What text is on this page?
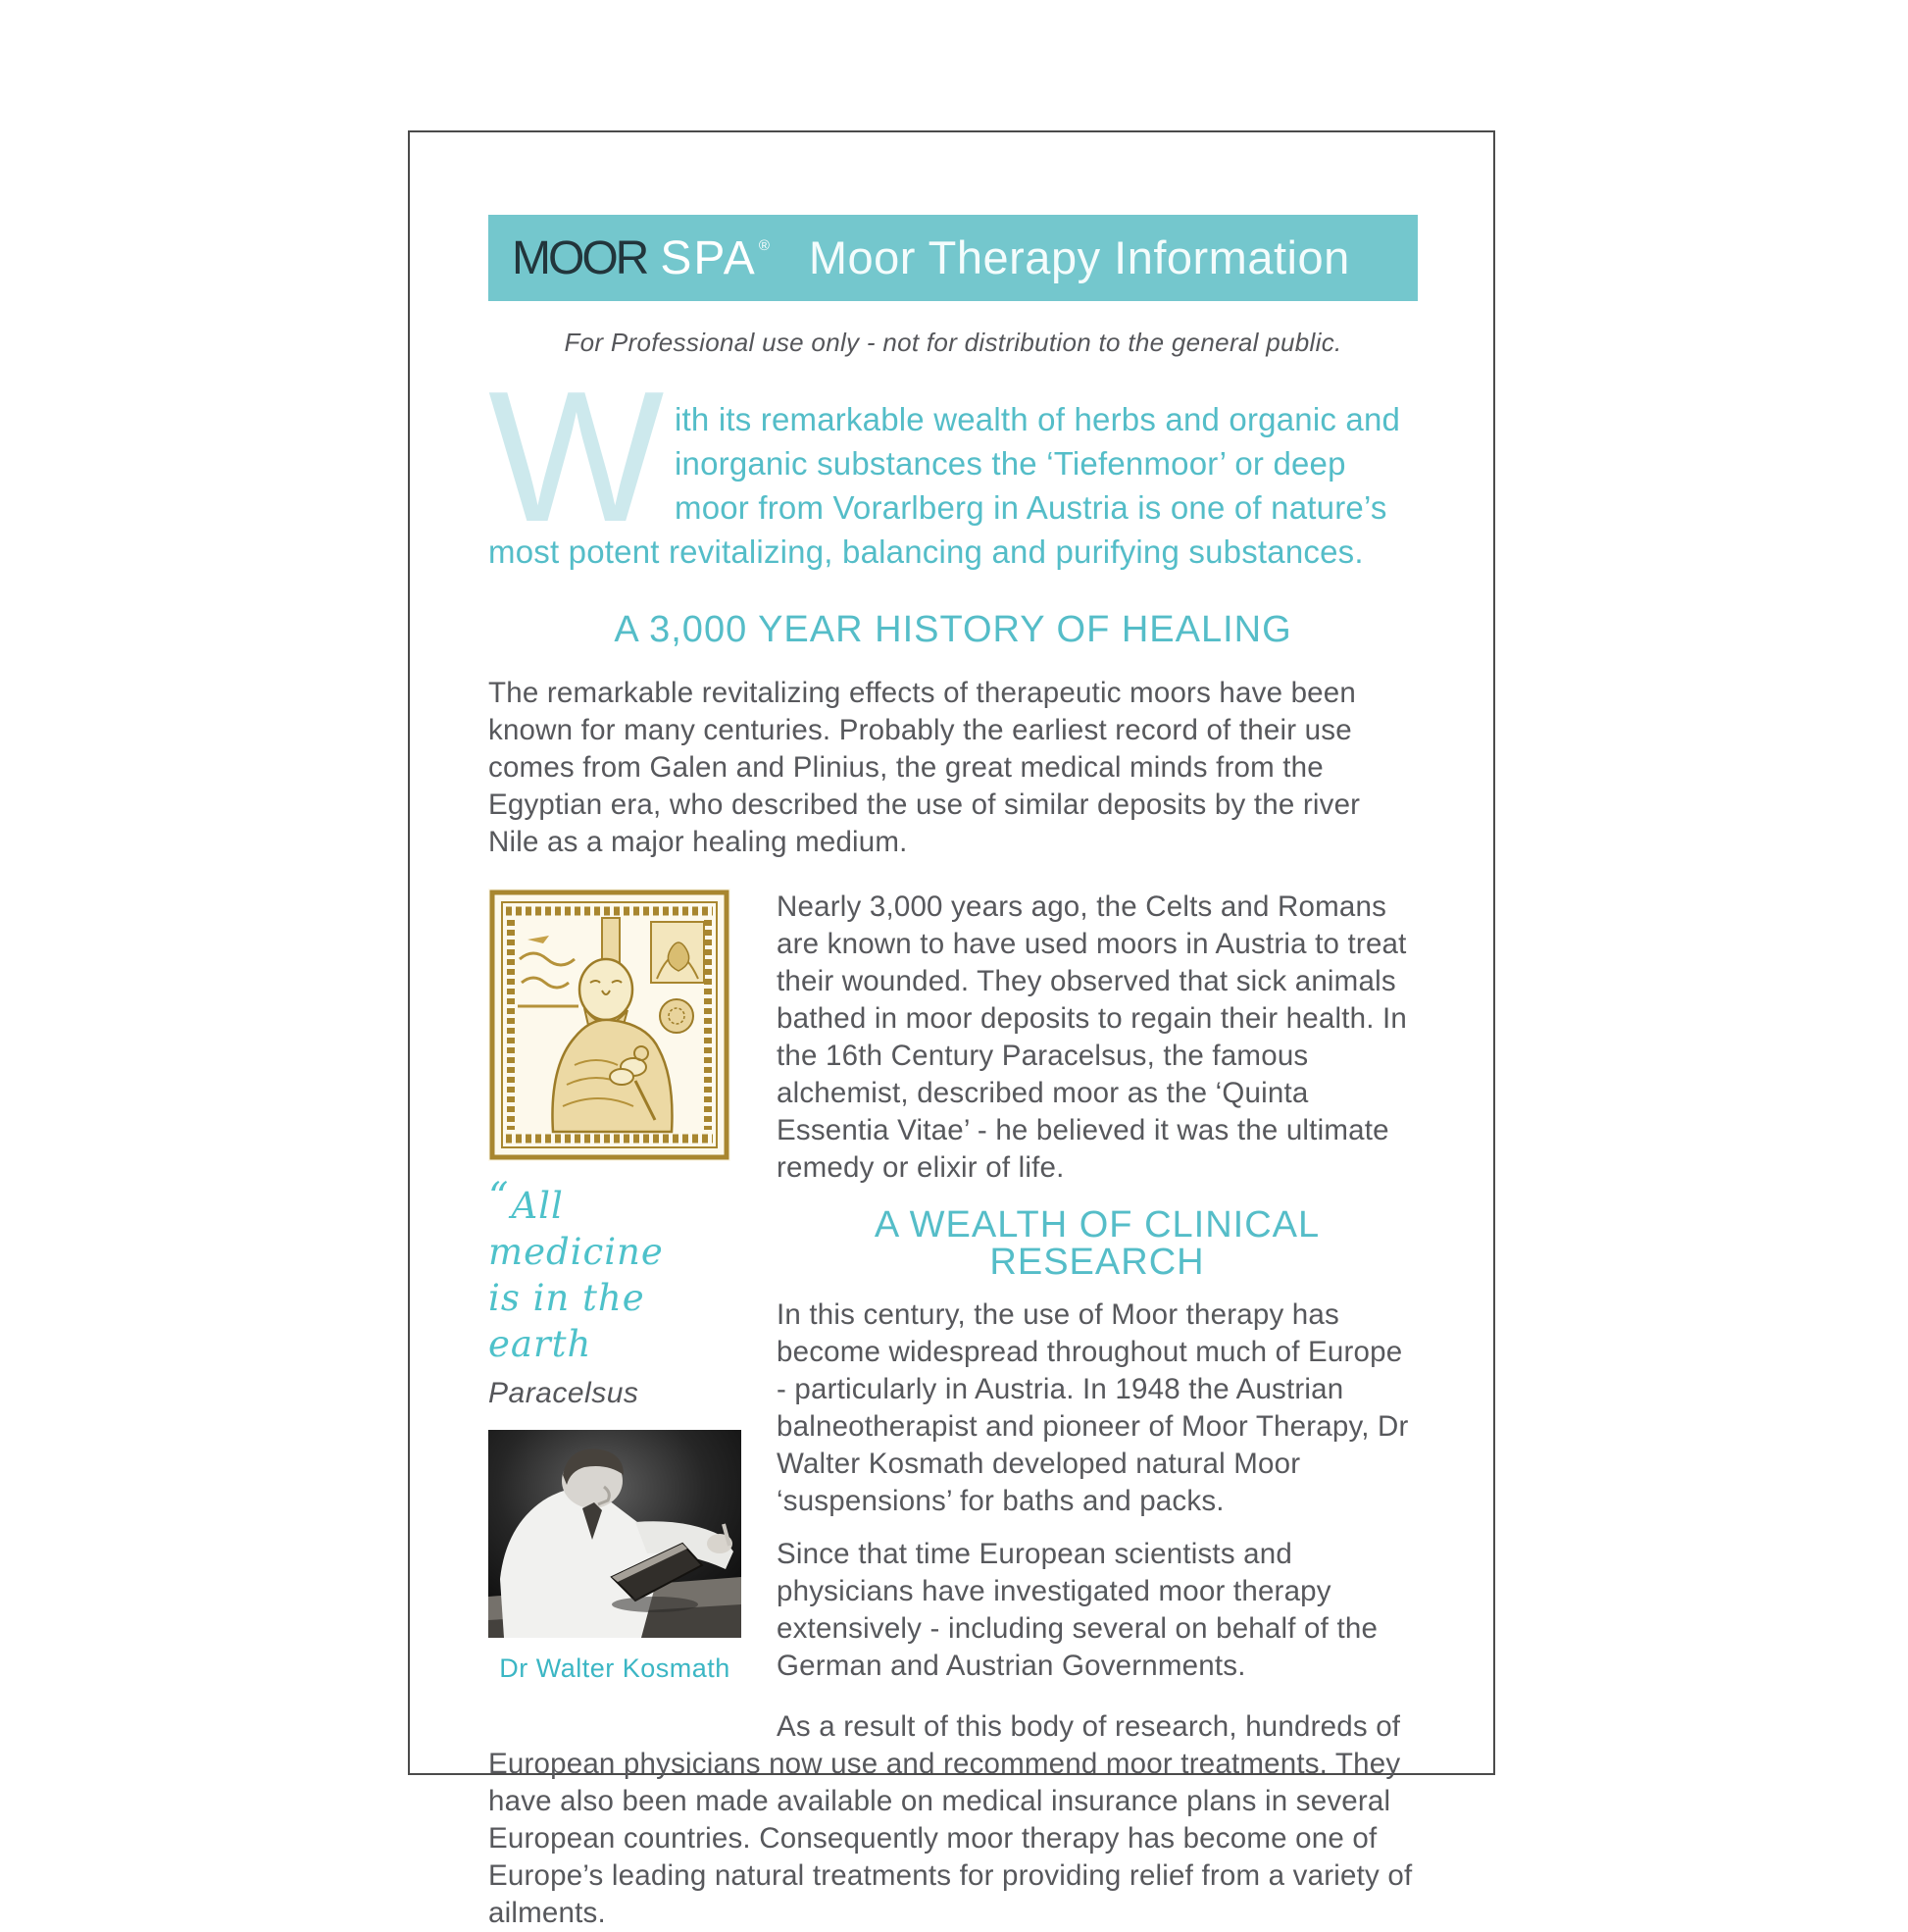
MOOR SPA ® Moor Therapy Information
For Professional use only - not for distribution to the general public.
W ith its remarkable wealth of herbs and organic and inorganic substances the ‘Tiefenmoor’ or deep moor from Vorarlberg in Austria is one of nature’s most potent revitalizing, balancing and purifying substances.
A 3,000 YEAR HISTORY OF HEALING

The remarkable revitalizing effects of therapeutic moors have been known for many centuries. Probably the earliest record of their use comes from Galen and Plinius, the great medical minds from the Egyptian era, who described the use of similar deposits by the river Nile as a major healing medium.

“All medicine
is in the earth
Paracelsus
Dr Walter Kosmath

Nearly 3,000 years ago, the Celts and Romans are known to have used moors in Austria to treat their wounded. They observed that sick animals bathed in moor deposits to regain their health. In the 16th Century Paracelsus, the famous alchemist, described moor as the ‘Quinta Essentia Vitae’ - he believed it was the ultimate remedy or elixir of life.

A WEALTH OF CLINICAL RESEARCH

In this century, the use of Moor therapy has become widespread throughout much of Europe - particularly in Austria. In 1948 the Austrian balneotherapist and pioneer of Moor Therapy, Dr Walter Kosmath developed natural Moor ‘suspensions’ for baths and packs.

Since that time European scientists and physicians have investigated moor therapy extensively - including several on behalf of the German and Austrian Governments.

As a result of this body of research, hundreds of European physicians now use and recommend moor treatments. They have also been made available on medical insurance plans in several European countries. Consequently moor therapy has become one of Europe’s leading natural treatments for providing relief from a variety of ailments.
